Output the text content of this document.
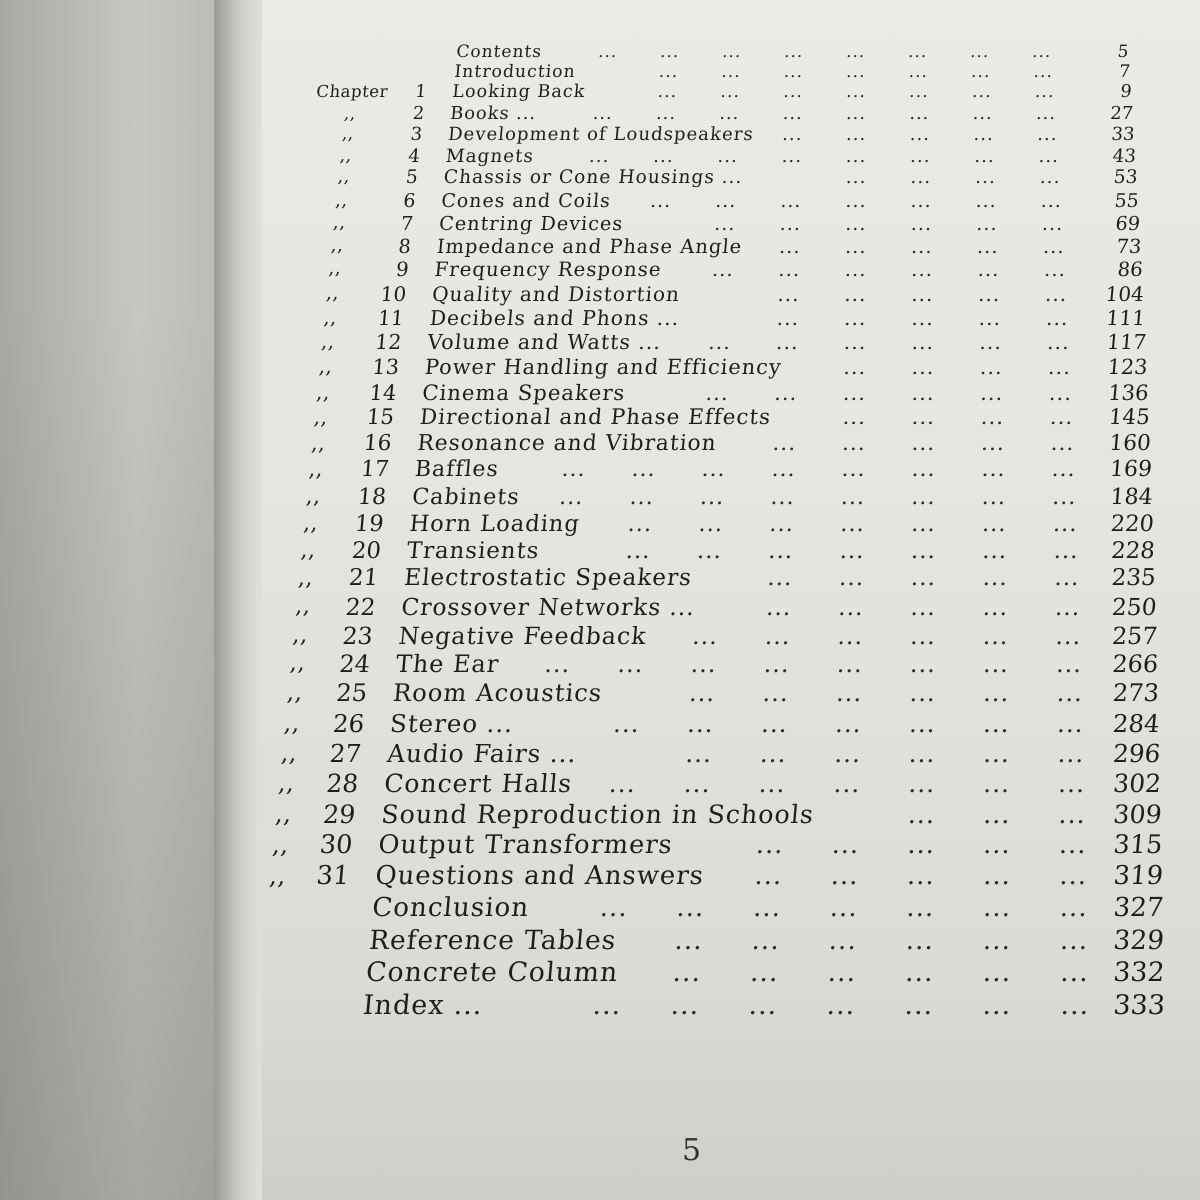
Contents	... ... ... ... ... ... ... ...	5
Introduction	... ... ... ... ... ... ...	7
Chapter	1 Looking Back	... ... ... ... ... ... ...	9
,,	2 Books ...	... ... ... ... ... ... ... ...	27
,,	3 Development of Loudspeakers ... ... ... ... ...	33
,,	4 Magnets	... ... ... ... ... ... ... ...	43
,,	5 Chassis or Cone Housings ...	... ... ... ...	53
,,	6 Cones and Coils ... ... ... ... ... ... ...	55
,,	7 Centring Devices	... ... ... ... ... ...	69
,,	8 Impedance and Phase Angle ... ... ... ... ...	73
,,	9 Frequency Response ... ... ... ... ... ...	86
,,	10 Quality and Distortion	... ... ... ... ...	104
,,	11 Decibels and Phons ...	... ... ... ... ...	111
,,	12 Volume and Watts ... ... ... ... ... ... ...	117
,,	13 Power Handling and Efficiency	... ... ... ...	123
,,	14 Cinema Speakers	... ... ... ... ... ...	136
,,	15 Directional and Phase Effects	... ... ... ...	145
,,	16 Resonance and Vibration ... ... ... ... ...	160
,,	17 Baffles	... ... ... ... ... ... ... ...	169
,,	18 Cabinets ... ... ... ... ... ... ... ...	184
,,	19 Horn Loading ... ... ... ... ... ... ...	220
,,	20 Transients	... ... ... ... ... ... ...	228
,,	21 Electrostatic Speakers	... ... ... ... ...	235
,,	22 Crossover Networks ...	... ... ... ... ...	250
,,	23 Negative Feedback ... ... ... ... ... ...	257
,,	24 The Ear ... ... ... ... ... ... ... ...	266
,,	25 Room Acoustics	... ... ... ... ... ...	273
,,	26 Stereo ...	... ... ... ... ... ... ...	284
,,	27 Audio Fairs ...	... ... ... ... ... ...	296
,,	28 Concert Halls ... ... ... ... ... ... ...	302
,,	29 Sound Reproduction in Schools	... ... ... 309
,, 30 Output Transformers	... ... ... ... ... 315
,, 31 Questions and Answers ... ... ... ... ... 319
Conclusion	... ... ... ... ... ... ... 327
Reference Tables ... ... ... ... ... ... 329
Concrete Column ... ... ... ... ... ... 332
Index ...	... ... ... ... ... ... ... 333
5
